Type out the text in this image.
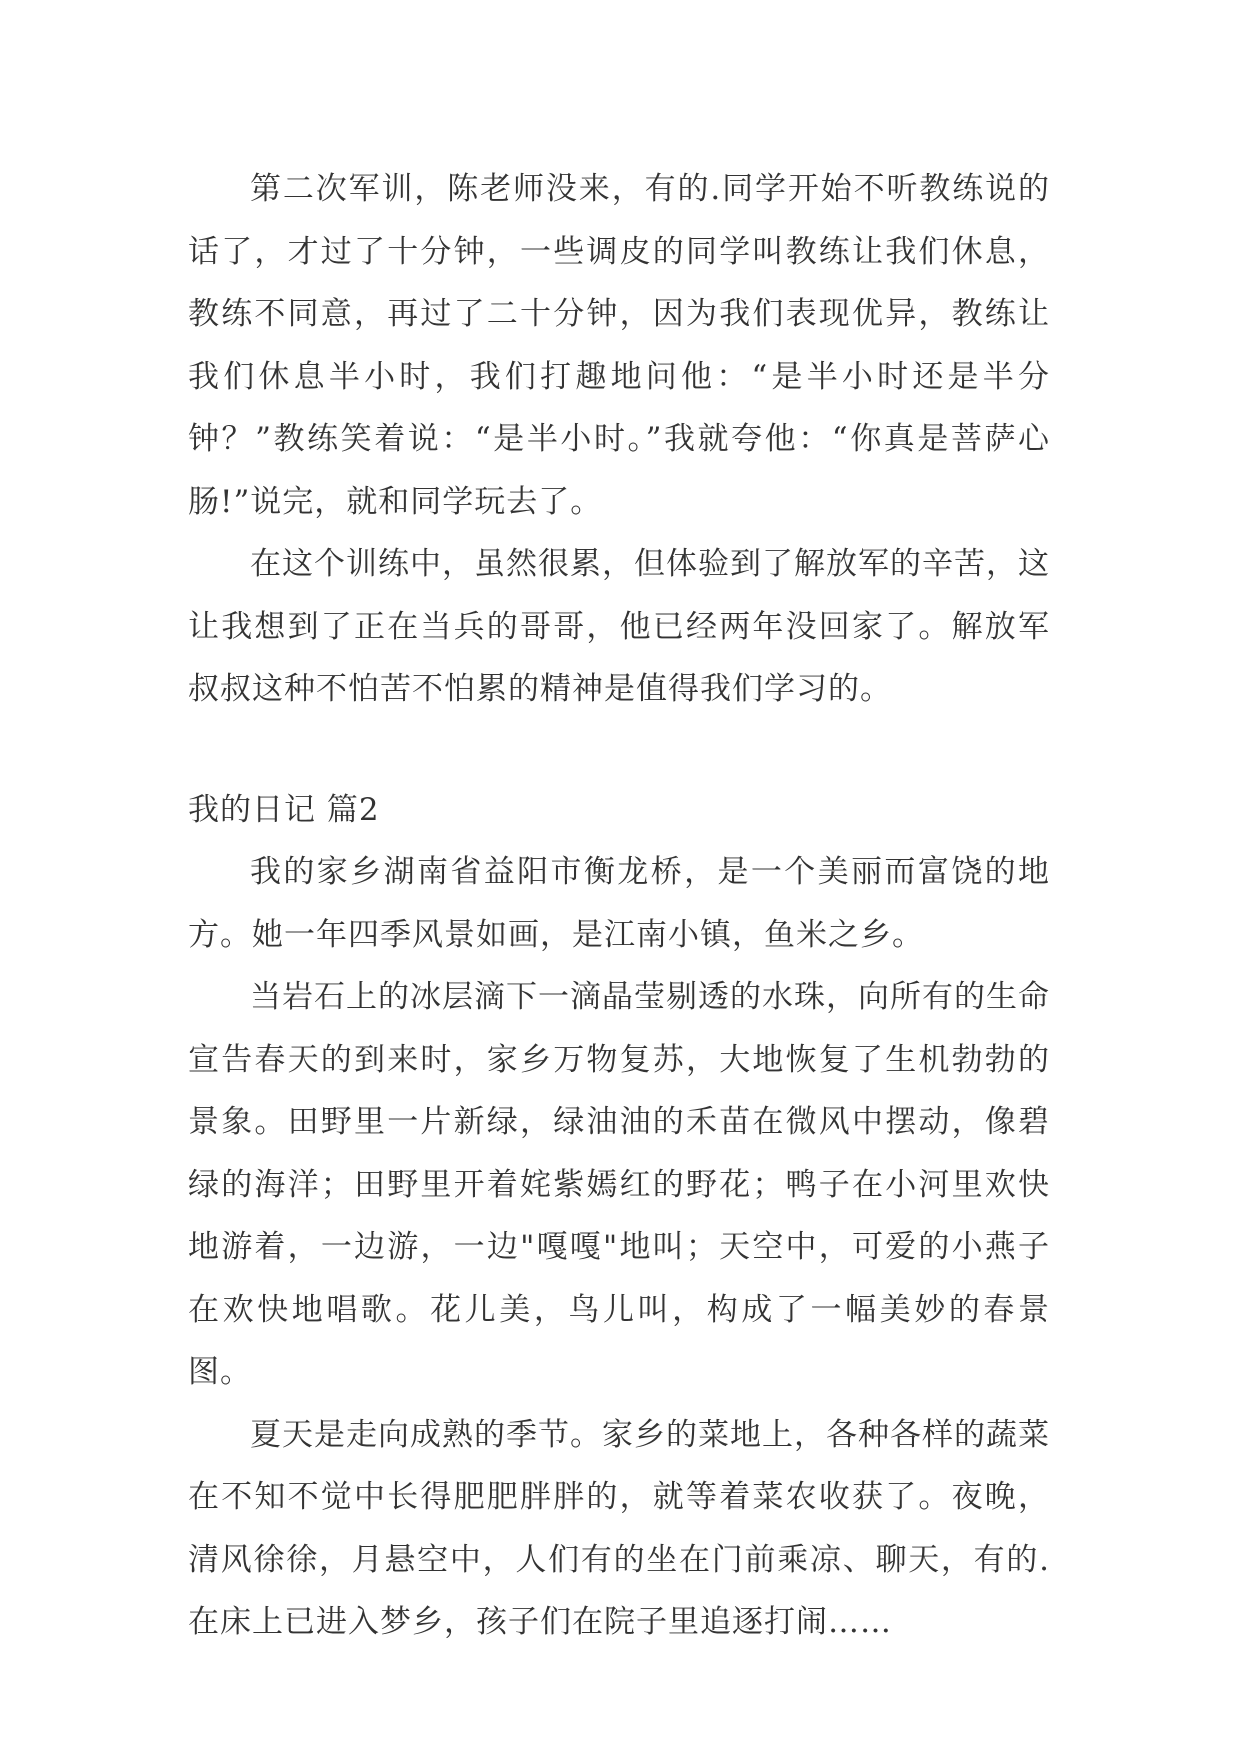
第二次军训，陈老师没来，有的.同学开始不听教练说的话了，才过了十分钟，一些调皮的同学叫教练让我们休息，教练不同意，再过了二十分钟，因为我们表现优异，教练让我们休息半小时，我们打趣地问他：“是半小时还是半分钟？”教练笑着说：“是半小时。”我就夸他：“你真是菩萨心肠!”说完，就和同学玩去了。

在这个训练中，虽然很累，但体验到了解放军的辛苦，这让我想到了正在当兵的哥哥，他已经两年没回家了。解放军叔叔这种不怕苦不怕累的精神是值得我们学习的。

我的日记 篇2

我的家乡湖南省益阳市衡龙桥，是一个美丽而富饶的地方。她一年四季风景如画，是江南小镇，鱼米之乡。

当岩石上的冰层滴下一滴晶莹剔透的水珠，向所有的生命宣告春天的到来时，家乡万物复苏，大地恢复了生机勃勃的景象。田野里一片新绿，绿油油的禾苗在微风中摆动，像碧绿的海洋；田野里开着姹紫嫣红的野花；鸭子在小河里欢快地游着，一边游，一边"嘎嘎"地叫；天空中，可爱的小燕子在欢快地唱歌。花儿美，鸟儿叫，构成了一幅美妙的春景图。

夏天是走向成熟的季节。家乡的菜地上，各种各样的蔬菜在不知不觉中长得肥肥胖胖的，就等着菜农收获了。夜晚，清风徐徐，月悬空中，人们有的坐在门前乘凉、聊天，有的.在床上已进入梦乡，孩子们在院子里追逐打闹……
